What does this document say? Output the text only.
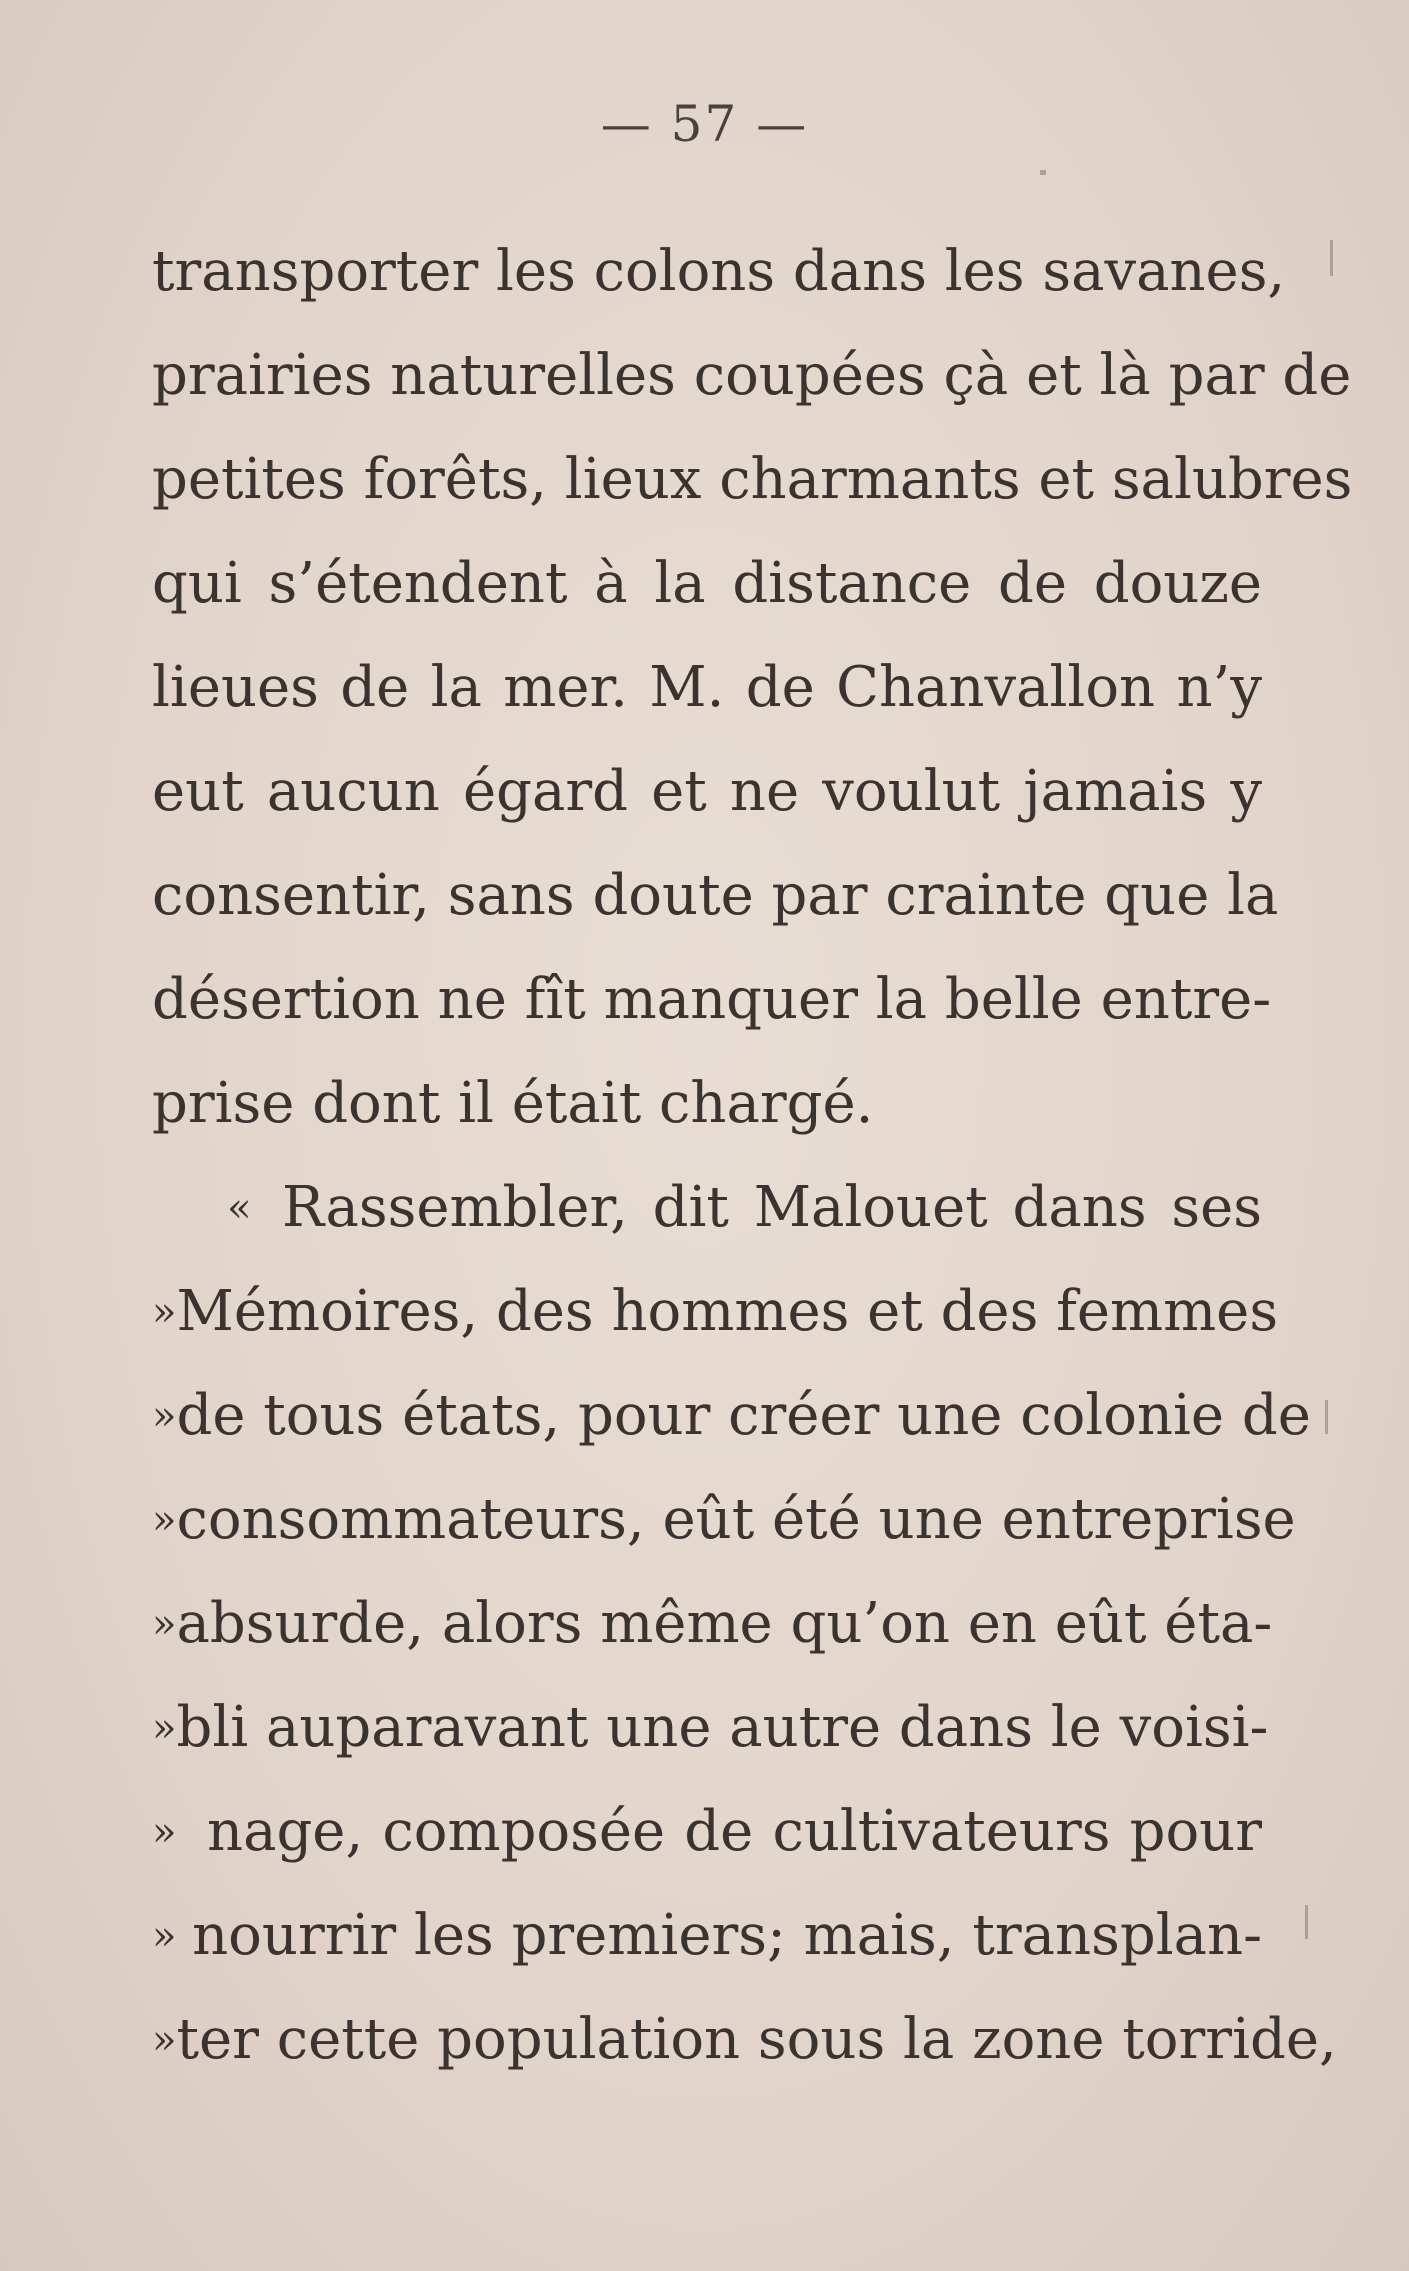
— 57 —
transporter les colons dans les savanes,
prairies naturelles coupées çà et là par de
petites forêts, lieux charmants et salubres
qui s’étendent à la distance de douze
lieues de la mer. M. de Chanvallon n’y
eut aucun égard et ne voulut jamais y
consentir, sans doute par crainte que la
désertion ne fît manquer la belle entre-
prise dont il était chargé.
« Rassembler, dit Malouet dans ses
» Mémoires, des hommes et des femmes
» de tous états, pour créer une colonie de
» consommateurs, eût été une entreprise
» absurde, alors même qu’on en eût éta-
» bli auparavant une autre dans le voisi-
» nage, composée de cultivateurs pour
» nourrir les premiers; mais, transplan-
» ter cette population sous la zone torride,
